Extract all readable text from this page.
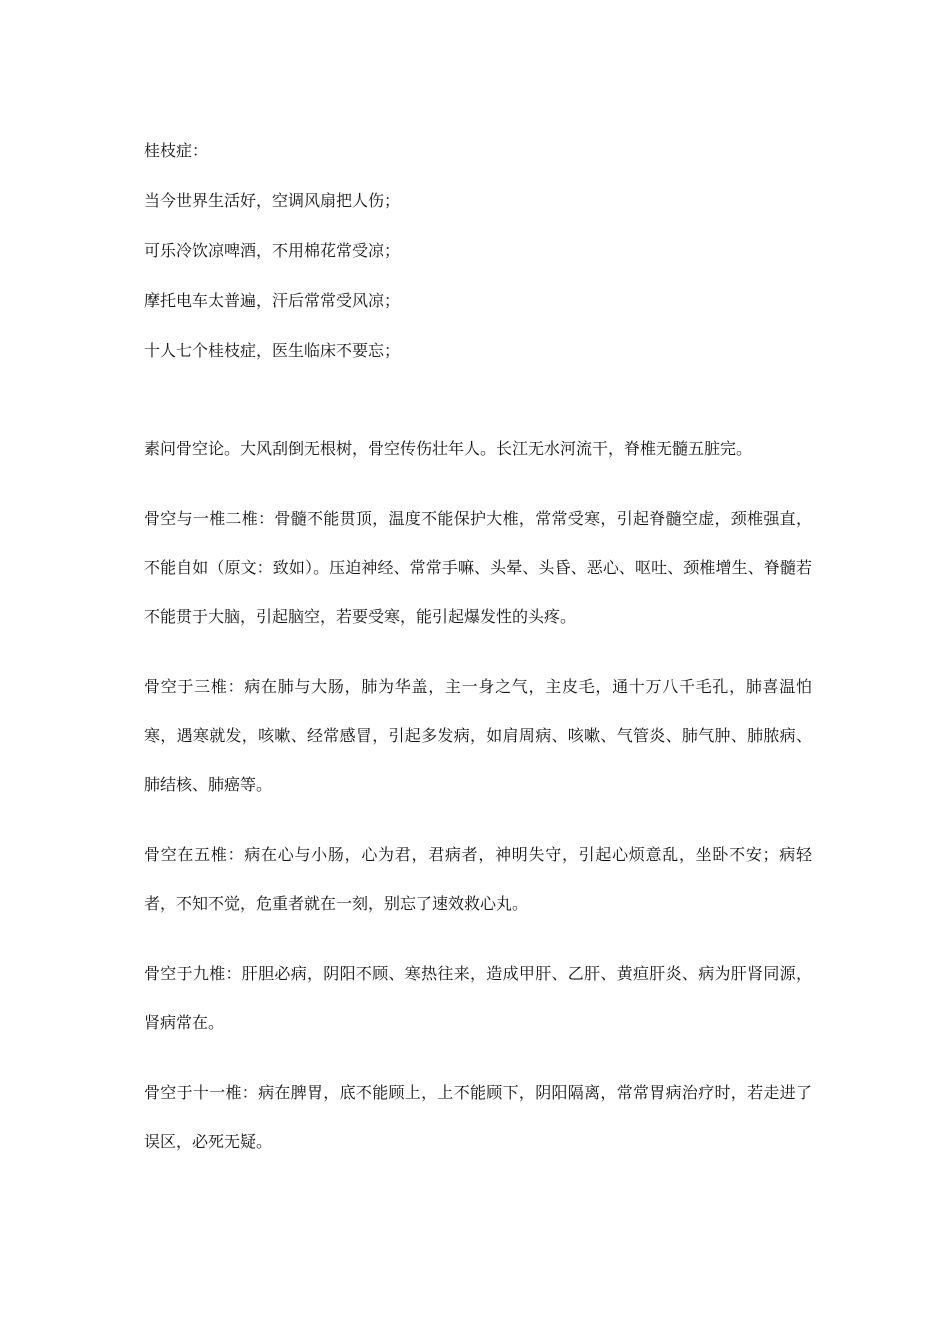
桂枝症：

当今世界生活好，空调风扇把人伤；

可乐冷饮凉啤酒，不用棉花常受凉；

摩托电车太普遍，汗后常常受风凉；

十人七个桂枝症，医生临床不要忘；

素问骨空论。大风刮倒无根树，骨空传伤壮年人。长江无水河流干，脊椎无髓五脏完。

骨空与一椎二椎：骨髓不能贯顶，温度不能保护大椎，常常受寒，引起脊髓空虚，颈椎强直，不能自如（原文：致如）。压迫神经、常常手嘛、头晕、头昏、恶心、呕吐、颈椎增生、脊髓若不能贯于大脑，引起脑空，若要受寒，能引起爆发性的头疼。

骨空于三椎：病在肺与大肠，肺为华盖，主一身之气，主皮毛，通十万八千毛孔，肺喜温怕寒，遇寒就发，咳嗽、经常感冒，引起多发病，如肩周病、咳嗽、气管炎、肺气肿、肺脓病、肺结核、肺癌等。

骨空在五椎：病在心与小肠，心为君，君病者，神明失守，引起心烦意乱，坐卧不安；病轻者，不知不觉，危重者就在一刻，别忘了速效救心丸。

骨空于九椎：肝胆必病，阴阳不顾、寒热往来，造成甲肝、乙肝、黄疸肝炎、病为肝肾同源，肾病常在。

骨空于十一椎：病在脾胃，底不能顾上，上不能顾下，阴阳隔离，常常胃病治疗时，若走进了误区，必死无疑。
